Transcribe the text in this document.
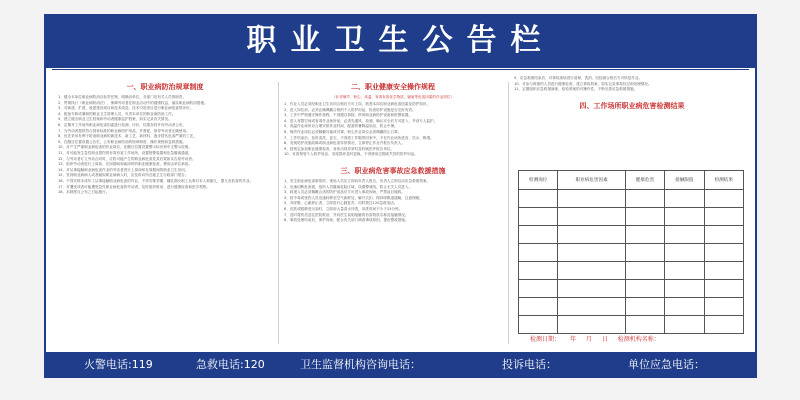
职业卫生公告栏
一、职业病防治规章制度

1、健全本单位职业病防治目标责任制，明确各单位、各部门及有关人员的职责。

2、贯彻执行《职业病防治法》，保障劳动者在职业活动中的健康权益，落实职业病防治措施。

3、对新建、扩建、改建建设项目和技术改造、技术引进项目进行职业病危害预评价。

4、配备专职或兼职的职业卫生管理人员，负责本单位的职业病防治工作。

5、建立健全职业卫生档案和劳动者健康监护档案，如实记录有关情况。

6、定期对工作场所职业病危害因素进行检测、评价，结果存档并向劳动者公布。

7、为劳动者提供符合国家标准的职业病防护用品，并督促、指导劳动者正确使用。

8、优先采用有利于防治职业病的新技术、新工艺、新材料，逐步替代危害严重的工艺。

9、在醒目位置设置公告栏，公布职业病防治的规章制度、操作规程和急救措施。

10、对产生严重职业病危害的作业岗位，在醒目位置设置警示标识和中文警示说明。

11、对可能发生急性职业损伤的有毒有害工作场所，设置报警装置和应急撤离通道。

12、与劳动者订立劳动合同时，应将可能产生的职业病危害及其后果如实告知劳动者。

13、组织劳动者进行上岗前、在岗期间和离岗时的职业健康检查，费用由单位承担。

14、对从事接触职业病危害作业的劳动者进行上岗前和在岗期间的职业卫生培训。

15、发现职业病病人或者疑似职业病病人时，应及时向所在地卫生行政部门报告。

16、不得安排未成年工从事接触职业病危害的作业，不得安排孕期、哺乳期女职工从事对本人和胎儿、婴儿有危害的作业。

17、对遭受或者可能遭受急性职业病危害的劳动者，及时组织救治、进行健康检查和医学观察。

18、本制度自公布之日起施行。

二、职业健康安全操作规程
（针对噪声、粉尘、高温、有毒有害化学物质、辐射等危害因素的作业岗位）

1、作业人员必须经职业卫生培训合格后方可上岗，熟悉本岗位职业病危害因素及防护知识。

2、进入岗位前，必须正确佩戴合格的个人防护用品，检查防护设施是否完好有效。

3、工作中严格遵守操作规程，不得擅自拆除、停用职业病防护设备和报警装置。

4、进入有限空间或有毒作业场所前，必须先通风、检测，确认安全后方可进入，并设专人监护。

5、高温作业场所应合理安排作业时间，配备防暑降温用品，防止中暑。

6、噪声作业岗位必须佩戴耳塞或耳罩，粉尘作业岗位必须佩戴防尘口罩。

7、工作结束后，及时清洗、更衣，不得将工作服带回家中，不在作业场所进食、饮水、吸烟。

8、发现防护设施故障或职业病危害异常情况，立即停止作业并报告负责人。

9、按规定参加职业健康检查，身体出现异常时及时就医并报告单位。

10、妥善保管个人防护用品，发现损坏及时更换，不得使用过期或失效的防护用品。

三、职业病危害事故应急救援措施

1、发生职业病危害事故时，现场人员应立即向负责人报告，负责人立即启动应急救援预案。

2、迅速切断危害源，组织人员撤离危险区域，设置警戒线，防止无关人员进入。

3、救援人员必须佩戴合适的防护用品后方可进入事故现场，严禁盲目施救。

4、将中毒或受伤人员迅速转移至空气新鲜处，解开衣扣，保持呼吸道通畅，注意保暖。

5、对呼吸、心跳停止者，立即进行心肺复苏，同时拨打120急救电话。

6、皮肤或眼睛受污染时，立即用大量清水冲洗，冲洗时间不少于15分钟。

7、及时将伤员送往医院救治，并向医生说明接触的有害物质名称及接触情况。

8、事故处理结束后，保护现场，配合有关部门调查事故原因，提出整改措施。

9、应急救援结束后，对事故现场进行清理、洗消，经检测合格后方可恢复作业。

10、对参与救援的人员进行健康检查，建立事故档案，如实记录事故经过和处理情况。

11、定期组织应急救援演练，检验预案的可操作性，不断完善应急救援措施。

四、工作场所职业病危害检测结果
检测岗位	职业病危害因素	健康危害	接触限值	检测结果

检测日期： 年 月 日 检测机构名称：
火警电话:119	急救电话:120	卫生监督机构咨询电话：	投诉电话：	单位应急电话：
